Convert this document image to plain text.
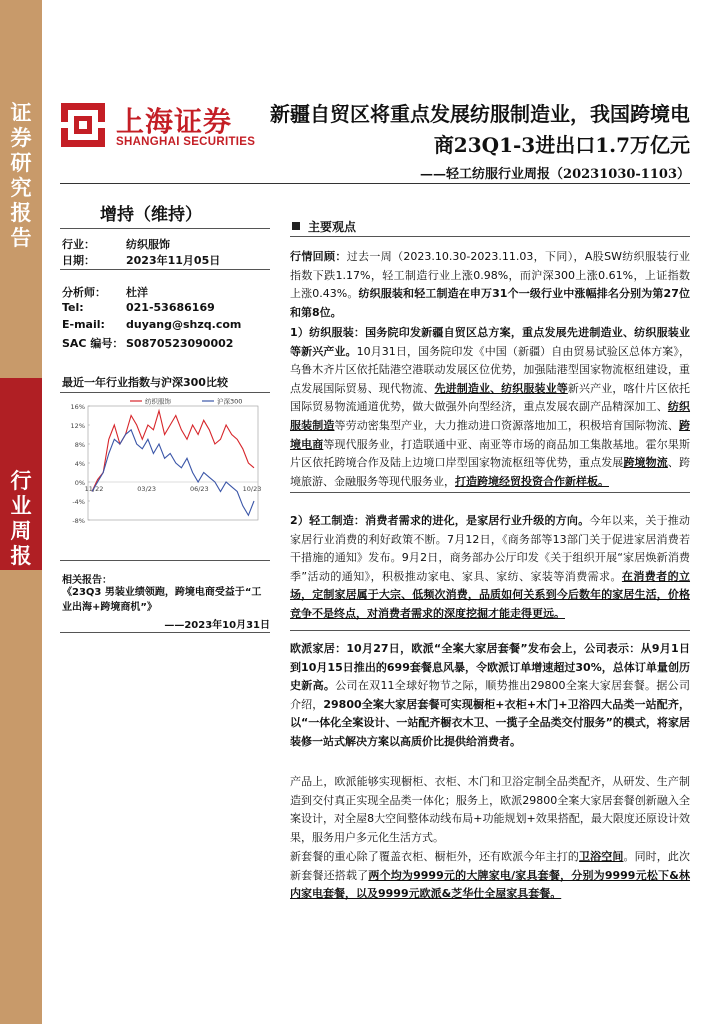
证券研究报告
行业周报
上海证券
SHANGHAI SECURITIES
新疆自贸区将重点发展纺服制造业，我国跨境电商23Q1-3进出口1.7万亿元
——轻工纺服行业周报（20231030-1103）
增持（维持）
行业：	纺织服饰
日期：	2023年11月05日
分析师： 杜洋
Tel:	021-53686169
E-mail: duyang@shzq.com
SAC 编号： S0870523090002
最近一年行业指数与沪深300比较
16%
12%
8%
4%
0%
-4%
-8%
11/22	03/23	06/23	10/23
纺织服饰	沪深300
相关报告：
《23Q3 男装业绩领跑，跨境电商受益于“工业出海+跨境商机”》
——2023年10月31日
主要观点
行情回顾：过去一周（2023.10.30-2023.11.03，下同），A股SW纺织服装行业指数下跌1.17%，轻工制造行业上涨0.98%，而沪深300上涨0.61%，上证指数上涨0.43%。纺织服装和轻工制造在申万31个一级行业中涨幅排名分别为第27位和第8位。
1）纺织服装：国务院印发新疆自贸区总方案，重点发展先进制造业、纺织服装业等新兴产业。10月31日，国务院印发《中国（新疆）自由贸易试验区总体方案》，乌鲁木齐片区依托陆港空港联动发展区位优势，加强陆港型国家物流枢纽建设，重点发展国际贸易、现代物流、先进制造业、纺织服装业等新兴产业，喀什片区依托国际贸易物流通道优势，做大做强外向型经济，重点发展农副产品精深加工、纺织服装制造等劳动密集型产业，大力推动进口资源落地加工，积极培育国际物流、跨境电商等现代服务业，打造联通中亚、南亚等市场的商品加工集散基地。霍尔果斯片区依托跨境合作及陆上边境口岸型国家物流枢纽等优势，重点发展跨境物流、跨境旅游、金融服务等现代服务业，打造跨境经贸投资合作新样板。
2）轻工制造：消费者需求的进化，是家居行业升级的方向。今年以来，关于推动家居行业消费的利好政策不断。7月12日，《商务部等13部门关于促进家居消费若干措施的通知》发布。9月2日，商务部办公厅印发《关于组织开展“家居焕新消费季”活动的通知》，积极推动家电、家具、家纺、家装等消费需求。在消费者的立场，定制家居属于大宗、低频次消费，品质如何关系到今后数年的家居生活，价格竞争不是终点，对消费者需求的深度挖掘才能走得更远。
欧派家居：10月27日，欧派“全案大家居套餐”发布会上，公司表示：从9月1日到10月15日推出的699套餐息风暴，令欧派订单增速超过30%，总体订单量创历史新高。公司在双11全球好物节之际，顺势推出29800全案大家居套餐。据公司介绍，29800全案大家居套餐可实现橱柜+衣柜+木门+卫浴四大品类一站配齐，以“一体化全案设计、一站配齐橱衣木卫、一揽子全品类交付服务”的模式，将家居装修一站式解决方案以高质价比提供给消费者。
产品上，欧派能够实现橱柜、衣柜、木门和卫浴定制全品类配齐，从研发、生产制造到交付真正实现全品类一体化；服务上，欧派29800全案大家居套餐创新融入全案设计，对全屋8大空间整体动线布局+功能规划+效果搭配，最大限度还原设计效果，服务用户多元化生活方式。
新套餐的重心除了覆盖衣柜、橱柜外，还有欧派今年主打的卫浴空间。同时，此次新套餐还搭载了两个均为9999元的大牌家电/家具套餐，分别为9999元松下&林内家电套餐，以及9999元欧派&芝华仕全屋家具套餐。
